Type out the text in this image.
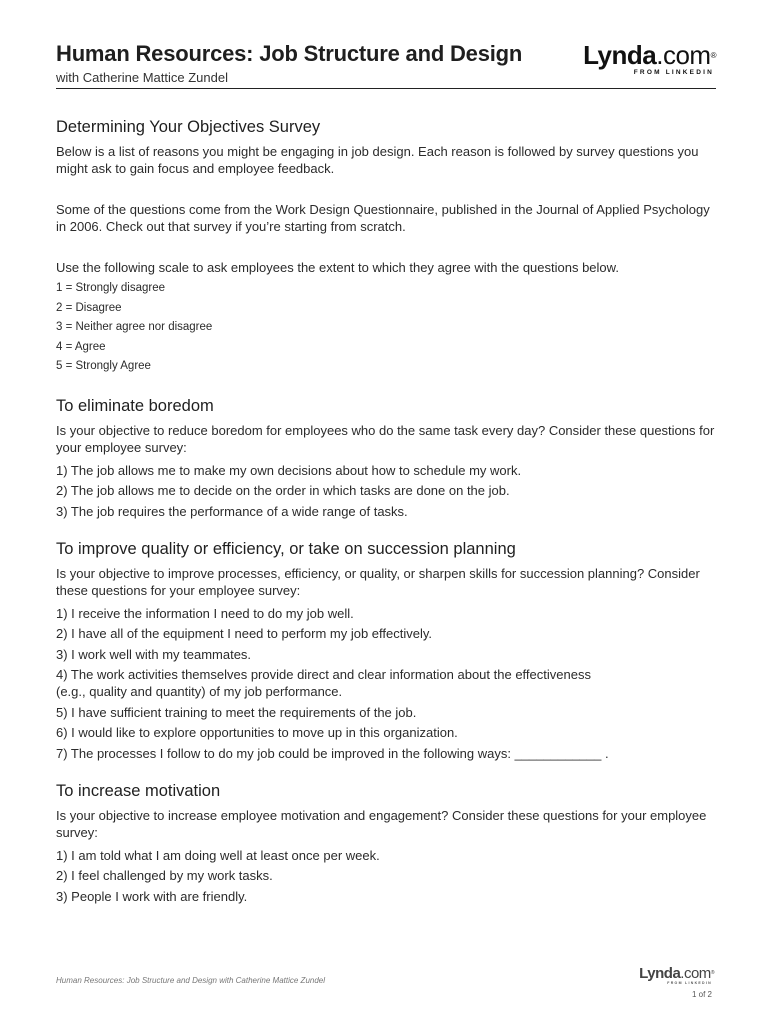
Human Resources: Job Structure and Design
with Catherine Mattice Zundel
Lynda.com®
FROM LINKEDIN
Determining Your Objectives Survey

Below is a list of reasons you might be engaging in job design. Each reason is followed by survey questions you might ask to gain focus and employee feedback.

Some of the questions come from the Work Design Questionnaire, published in the Journal of Applied Psychology in 2006. Check out that survey if you’re starting from scratch.

Use the following scale to ask employees the extent to which they agree with the questions below.
1 = Strongly disagree
2 = Disagree
3 = Neither agree nor disagree
4 = Agree
5 = Strongly Agree
To eliminate boredom

Is your objective to reduce boredom for employees who do the same task every day? Consider these questions for your employee survey:

1) The job allows me to make my own decisions about how to schedule my work.
2) The job allows me to decide on the order in which tasks are done on the job.
3) The job requires the performance of a wide range of tasks.
To improve quality or efficiency, or take on succession planning

Is your objective to improve processes, efficiency, or quality, or sharpen skills for succession planning? Consider these questions for your employee survey:

1) I receive the information I need to do my job well.
2) I have all of the equipment I need to perform my job effectively.
3) I work well with my teammates.
4) The work activities themselves provide direct and clear information about the effectiveness
(e.g., quality and quantity) of my job performance.
5) I have sufficient training to meet the requirements of the job.
6) I would like to explore opportunities to move up in this organization.
7) The processes I follow to do my job could be improved in the following ways: ____________ .
To increase motivation

Is your objective to increase employee motivation and engagement? Consider these questions for your employee survey:

1) I am told what I am doing well at least once per week.
2) I feel challenged by my work tasks.
3) People I work with are friendly.
Human Resources: Job Structure and Design with Catherine Mattice Zundel	Lynda.com®
FROM LINKEDIN
1 of 2
